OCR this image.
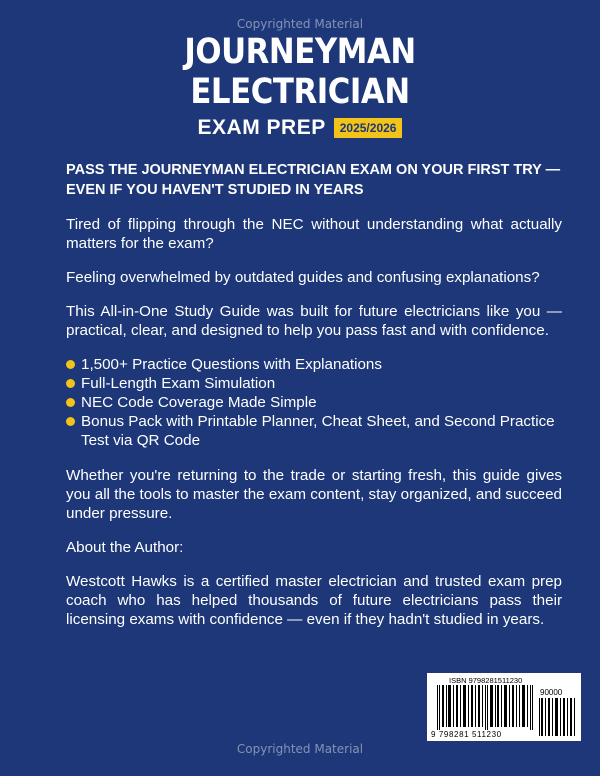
Copyrighted Material
JOURNEYMAN
ELECTRICIAN
EXAM PREP	2025/2026

PASS THE JOURNEYMAN ELECTRICIAN EXAM ON YOUR FIRST TRY — EVEN IF YOU HAVEN'T STUDIED IN YEARS

Tired of flipping through the NEC without understanding what actually matters for the exam?

Feeling overwhelmed by outdated guides and confusing explanations?

This All-in-One Study Guide was built for future electricians like you — practical, clear, and designed to help you pass fast and with confidence.

1,500+ Practice Questions with Explanations
Full-Length Exam Simulation
NEC Code Coverage Made Simple
Bonus Pack with Printable Planner, Cheat Sheet, and Second Practice Test via QR Code

Whether you're returning to the trade or starting fresh, this guide gives you all the tools to master the exam content, stay organized, and succeed under pressure.

About the Author:

Westcott Hawks is a certified master electrician and trusted exam prep coach who has helped thousands of future electricians pass their licensing exams with confidence — even if they hadn't studied in years.

ISBN 9798281511230
90000
9 798281 511230
Copyrighted Material
